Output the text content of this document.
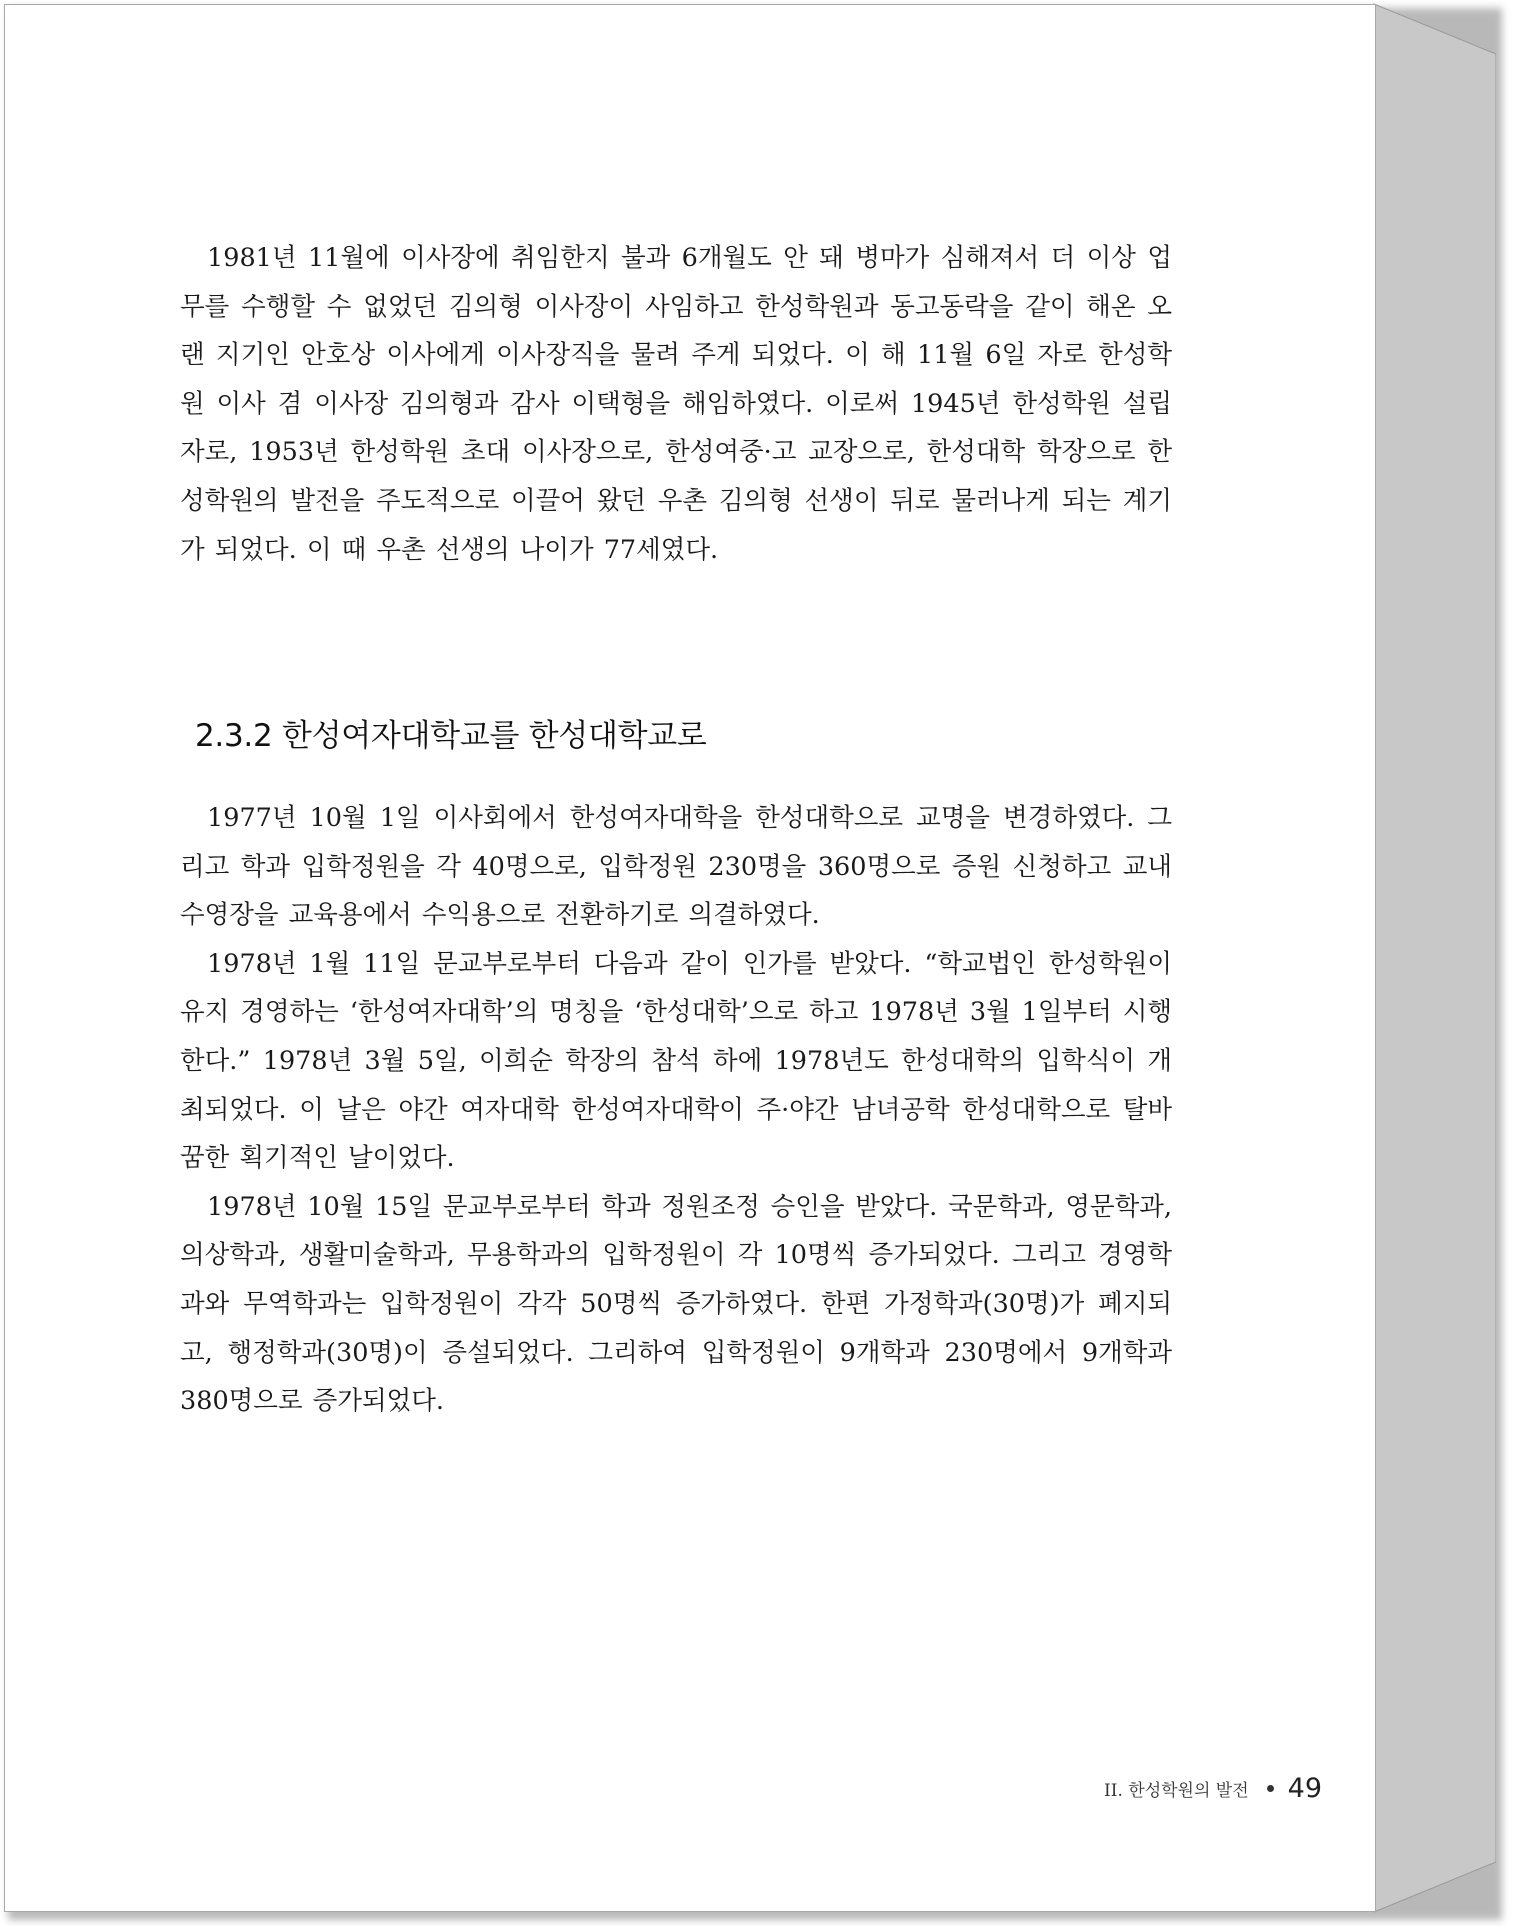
1981년 11월에 이사장에 취임한지 불과 6개월도 안 돼 병마가 심해져서 더 이상 업무를 수행할 수 없었던 김의형 이사장이 사임하고 한성학원과 동고동락을 같이 해온 오랜 지기인 안호상 이사에게 이사장직을 물려 주게 되었다. 이 해 11월 6일 자로 한성학원 이사 겸 이사장 김의형과 감사 이택형을 해임하였다. 이로써 1945년 한성학원 설립자로, 1953년 한성학원 초대 이사장으로, 한성여중·고 교장으로, 한성대학 학장으로 한성학원의 발전을 주도적으로 이끌어 왔던 우촌 김의형 선생이 뒤로 물러나게 되는 계기가 되었다. 이 때 우촌 선생의 나이가 77세였다.

2.3.2 한성여자대학교를 한성대학교로

1977년 10월 1일 이사회에서 한성여자대학을 한성대학으로 교명을 변경하였다. 그리고 학과 입학정원을 각 40명으로, 입학정원 230명을 360명으로 증원 신청하고 교내수영장을 교육용에서 수익용으로 전환하기로 의결하였다.

1978년 1월 11일 문교부로부터 다음과 같이 인가를 받았다. “학교법인 한성학원이 유지 경영하는 ‘한성여자대학’의 명칭을 ‘한성대학’으로 하고 1978년 3월 1일부터 시행한다.” 1978년 3월 5일, 이희순 학장의 참석 하에 1978년도 한성대학의 입학식이 개최되었다. 이 날은 야간 여자대학 한성여자대학이 주·야간 남녀공학 한성대학으로 탈바꿈한 획기적인 날이었다.

1978년 10월 15일 문교부로부터 학과 정원조정 승인을 받았다. 국문학과, 영문학과, 의상학과, 생활미술학과, 무용학과의 입학정원이 각 10명씩 증가되었다. 그리고 경영학과와 무역학과는 입학정원이 각각 50명씩 증가하였다. 한편 가정학과(30명)가 폐지되고, 행정학과(30명)이 증설되었다. 그리하여 입학정원이 9개학과 230명에서 9개학과 380명으로 증가되었다.

II. 한성학원의 발전 49
